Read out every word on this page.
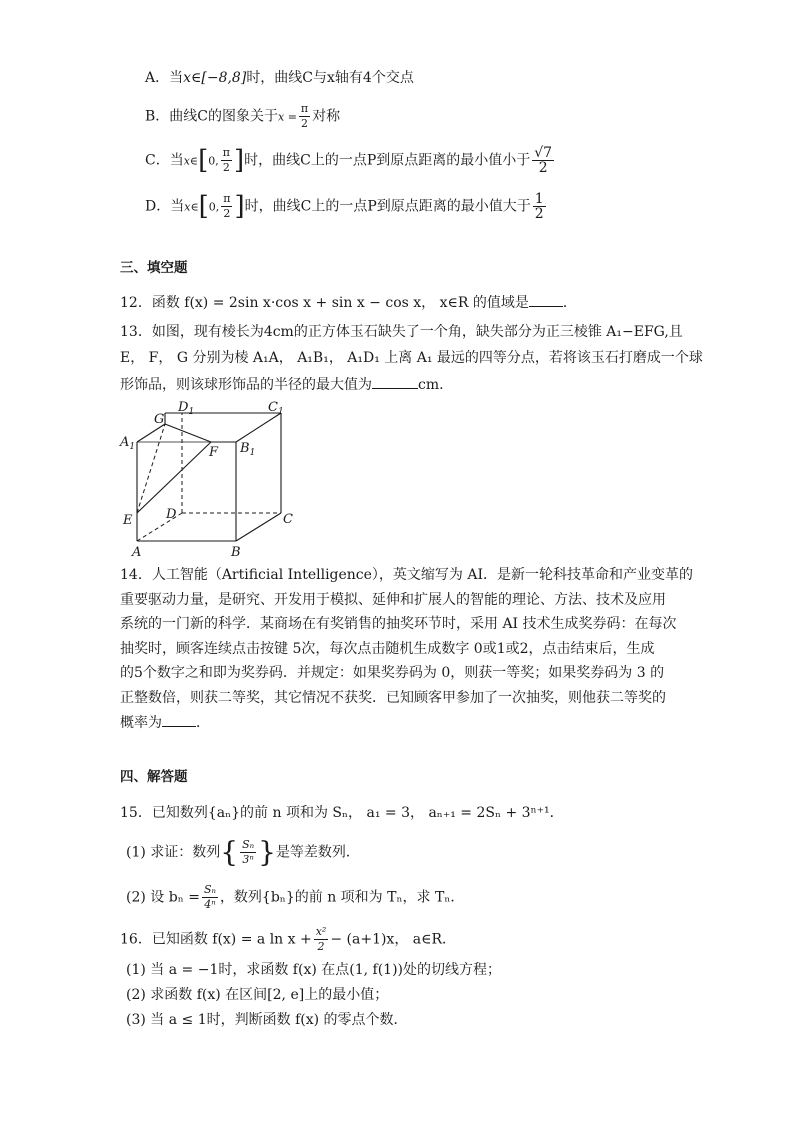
A．当x∈[−8,8]时，曲线C与x轴有4个交点
B．曲线C的图象关于$x = \frac{\pi}{2}$ 对称
C．当x∈[0, $\frac{\pi}{2}$ ]时，曲线C上的一点P到原点距离的最小值小于 $\frac{√7}{2}$
D．当x∈[0, $\frac{\pi}{2}$ ]时，曲线C上的一点P到原点距离的最小值大于 $\frac{1}{2}$
三、填空题
12．函数 f(x) = 2sin x·cos x + sin x − cos x， x∈R 的值域是 ．
13．如图，现有棱长为4cm的正方体玉石缺失了一个角，缺失部分为正三棱锥 A₁−EFG,且
E， F， G 分别为棱 A₁A， A₁B₁， A₁D₁ 上离 A₁ 最远的四等分点，若将该玉石打磨成一个球
形饰品，则该球形饰品的半径的最大值为	cm.
G
$D_1$	$C_1$
$A_1$	F $B_1$
E	D	C
A	B
14．人工智能（Artificial Intelligence），英文缩写为 AI．是新一轮科技革命和产业变革的
重要驱动力量，是研究、开发用于模拟、延伸和扩展人的智能的理论、方法、技术及应用
系统的一门新的科学．某商场在有奖销售的抽奖环节时，采用 AI 技术生成奖券码：在每次
抽奖时，顾客连续点击按键 5次，每次点击随机生成数字 0或1或2，点击结束后，生成
的5个数字之和即为奖券码．并规定：如果奖券码为 0，则获一等奖；如果奖券码为 3 的
正整数倍，则获二等奖，其它情况不获奖．已知顾客甲参加了一次抽奖，则他获二等奖的
概率为 ．
四、解答题
15．已知数列{aₙ}的前 n 项和为 Sₙ， a₁ = 3， aₙ₊₁ = 2Sₙ + 3ⁿ⁺¹．
(1) 求证：数列{ $\frac{\text{Sₙ}}{\text{3ⁿ}}$ }是等差数列．
(2) 设 $b_n = \frac{\text{Sₙ}}{\text{4ⁿ}}$ ，数列{bₙ}的前 n 项和为 Tₙ，求 Tₙ．
16．已知函数 f(x) = a $\ln x + \frac{\text{x²}}{2} - (a+1)x$， a∈R．
(1) 当 a = −1时，求函数 f(x) 在点(1, f(1))处的切线方程；
(2) 求函数 f(x) 在区间[2, e]上的最小值；
(3) 当 a ≤ 1时，判断函数 f(x) 的零点个数．
